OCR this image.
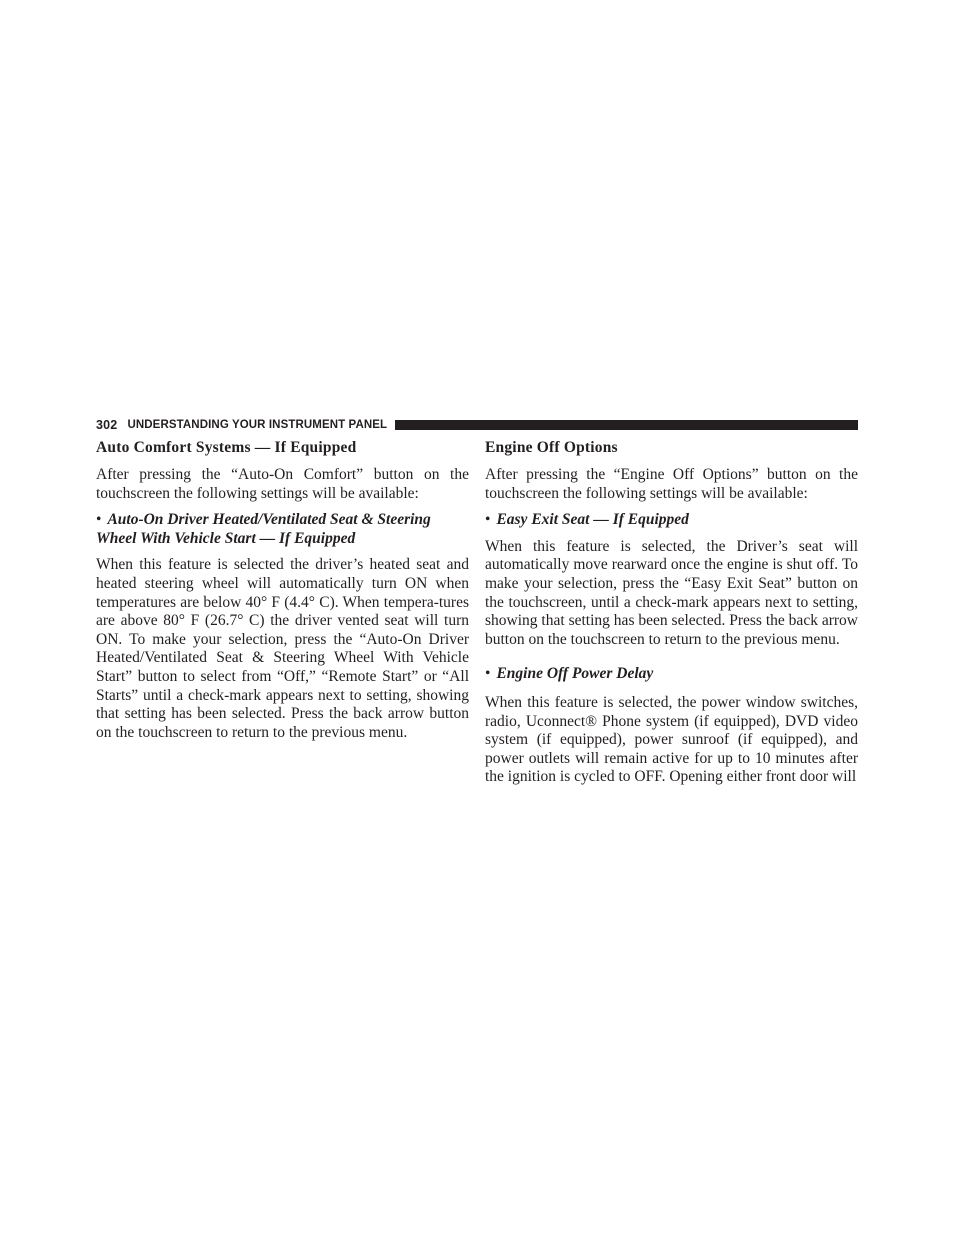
302 UNDERSTANDING YOUR INSTRUMENT PANEL
Auto Comfort Systems — If Equipped

After pressing the “Auto-On Comfort” button on the touchscreen the following settings will be available:

• Auto-On Driver Heated/Ventilated Seat & Steering Wheel With Vehicle Start — If Equipped

When this feature is selected the driver’s heated seat and heated steering wheel will automatically turn ON when temperatures are below 40° F (4.4° C). When tempera-tures are above 80° F (26.7° C) the driver vented seat will turn ON. To make your selection, press the “Auto-On Driver Heated/Ventilated Seat & Steering Wheel With Vehicle Start” button to select from “Off,” “Remote Start” or “All Starts” until a check-mark appears next to setting, showing that setting has been selected. Press the back arrow button on the touchscreen to return to the previous menu.

Engine Off Options

After pressing the “Engine Off Options” button on the touchscreen the following settings will be available:

• Easy Exit Seat — If Equipped

When this feature is selected, the Driver’s seat will automatically move rearward once the engine is shut off. To make your selection, press the “Easy Exit Seat” button on the touchscreen, until a check-mark appears next to setting, showing that setting has been selected. Press the back arrow button on the touchscreen to return to the previous menu.

• Engine Off Power Delay

When this feature is selected, the power window switches, radio, Uconnect® Phone system (if equipped), DVD video system (if equipped), power sunroof (if equipped), and power outlets will remain active for up to 10 minutes after the ignition is cycled to OFF. Opening either front door will
